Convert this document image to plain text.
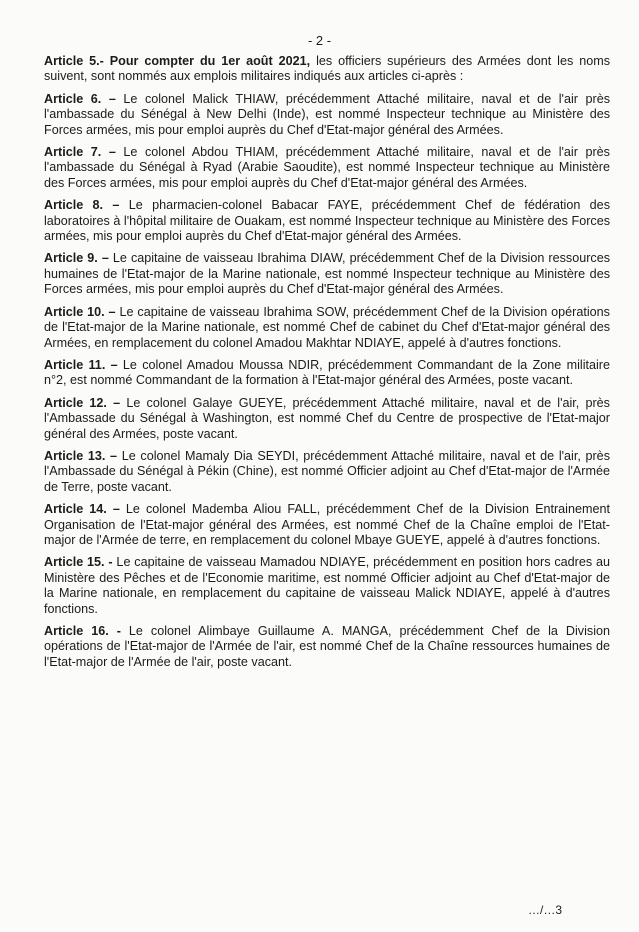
- 2 -

Article 5.- Pour compter du 1er août 2021, les officiers supérieurs des Armées dont les noms suivent, sont nommés aux emplois militaires indiqués aux articles ci-après :

Article 6. – Le colonel Malick THIAW, précédemment Attaché militaire, naval et de l'air près l'ambassade du Sénégal à New Delhi (Inde), est nommé Inspecteur technique au Ministère des Forces armées, mis pour emploi auprès du Chef d'Etat-major général des Armées.

Article 7. – Le colonel Abdou THIAM, précédemment Attaché militaire, naval et de l'air près l'ambassade du Sénégal à Ryad (Arabie Saoudite), est nommé Inspecteur technique au Ministère des Forces armées, mis pour emploi auprès du Chef d'Etat-major général des Armées.

Article 8. – Le pharmacien-colonel Babacar FAYE, précédemment Chef de fédération des laboratoires à l'hôpital militaire de Ouakam, est nommé Inspecteur technique au Ministère des Forces armées, mis pour emploi auprès du Chef d'Etat-major général des Armées.

Article 9. – Le capitaine de vaisseau Ibrahima DIAW, précédemment Chef de la Division ressources humaines de l'Etat-major de la Marine nationale, est nommé Inspecteur technique au Ministère des Forces armées, mis pour emploi auprès du Chef d'Etat-major général des Armées.

Article 10. – Le capitaine de vaisseau Ibrahima SOW, précédemment Chef de la Division opérations de l'Etat-major de la Marine nationale, est nommé Chef de cabinet du Chef d'Etat-major général des Armées, en remplacement du colonel Amadou Makhtar NDIAYE, appelé à d'autres fonctions.

Article 11. – Le colonel Amadou Moussa NDIR, précédemment Commandant de la Zone militaire n°2, est nommé Commandant de la formation à l'Etat-major général des Armées, poste vacant.

Article 12. – Le colonel Galaye GUEYE, précédemment Attaché militaire, naval et de l'air, près l'Ambassade du Sénégal à Washington, est nommé Chef du Centre de prospective de l'Etat-major général des Armées, poste vacant.

Article 13. – Le colonel Mamaly Dia SEYDI, précédemment Attaché militaire, naval et de l'air, près l'Ambassade du Sénégal à Pékin (Chine), est nommé Officier adjoint au Chef d'Etat-major de l'Armée de Terre, poste vacant.

Article 14. – Le colonel Mademba Aliou FALL, précédemment Chef de la Division Entrainement Organisation de l'Etat-major général des Armées, est nommé Chef de la Chaîne emploi de l'Etat-major de l'Armée de terre, en remplacement du colonel Mbaye GUEYE, appelé à d'autres fonctions.

Article 15. - Le capitaine de vaisseau Mamadou NDIAYE, précédemment en position hors cadres au Ministère des Pêches et de l'Economie maritime, est nommé Officier adjoint au Chef d'Etat-major de la Marine nationale, en remplacement du capitaine de vaisseau Malick NDIAYE, appelé à d'autres fonctions.

Article 16. - Le colonel Alimbaye Guillaume A. MANGA, précédemment Chef de la Division opérations de l'Etat-major de l'Armée de l'air, est nommé Chef de la Chaîne ressources humaines de l'Etat-major de l'Armée de l'air, poste vacant.

…/…3
